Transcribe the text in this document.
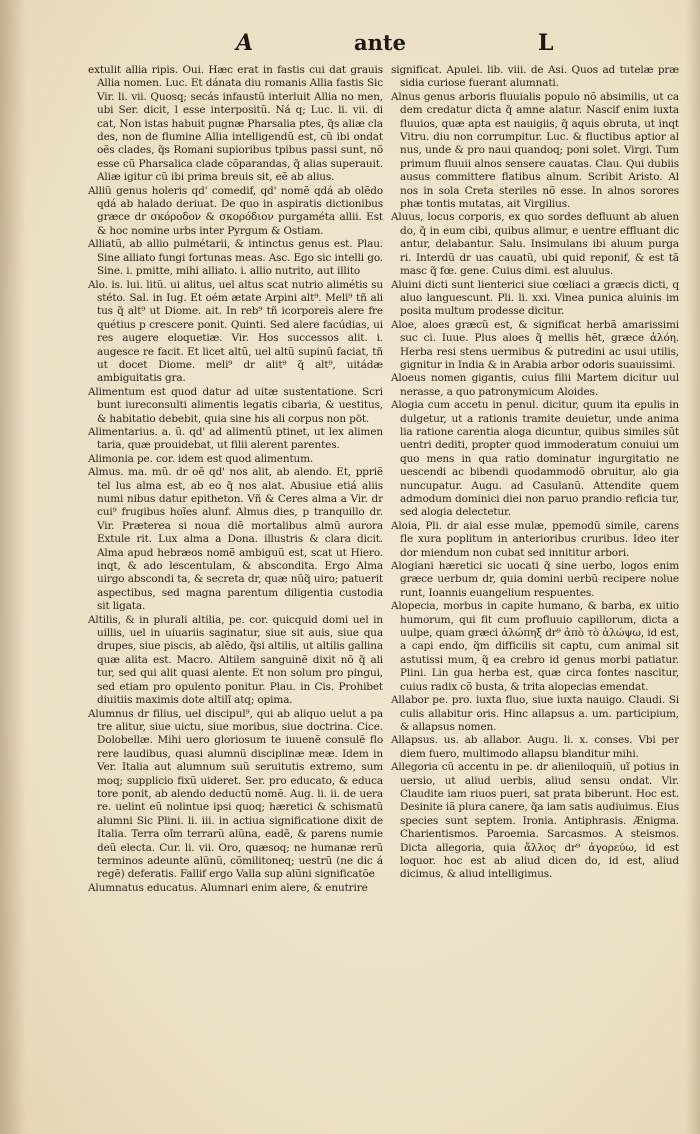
A	ante	L

extulit allia ripis. Oui. Hæc erat in fastis cui dat grauis Allia nomen. Luc. Et dánata diu romanis Allia fastis Sic Vir. li. vii. Quosq; secás infaustũ interluit Allia no men, ubi Ser. dicit, l esse interpositũ. Ná q; Luc. li. vii. di cat, Non istas habuit pugnæ Pharsalia ptes, q̃s aliæ cla des, non de flumine Allia intelligendũ est, cũ ibi ondat oẽs clades, q̃s Romani supioribus tpibus passi sunt, nõ esse cũ Pharsalica clade cõparandas, q̃ alias superauit. Aliæ igitur cũ ibi prima breuis sit, eẽ ab alius.

Alliũ genus holeris qd' comedif, qd' nomẽ qdá ab olẽdo qdá ab halado deriuat. De quo in aspiratis dictionibus græce dr σκόροδον & σκορόδιον purgaméta allii. Est & hoc nomine urbs inter Pyrgum & Ostiam.

Alliatũ, ab allio pulmétarii, & intinctus genus est. Plau. Sine alliato fungi fortunas meas. Asc. Ego sic intelli go. Sine. i. pmitte, mihi alliato. i. allio nutrito, aut illito

Alo. is. lui. litũ. ui alitus, uel altus scat nutrio alimétis su stéto. Sal. in Iug. Et oém ætate Arpini alt⁹. Meli⁹ tñ ali tus q̃ alt⁹ ut Diome. ait. In reb⁹ tñ icorporeis alere fre quétius p crescere ponit. Quinti. Sed alere facúdias, ui res augere eloquetiæ. Vir. Hos successos alit. i. augesce re facit. Et licet altũ, uel altũ supinũ faciat, tñ ut docet Diome. meli⁹ dr alit⁹ q̃ alt⁹, uitádæ ambiguitatis gra.

Alimentum est quod datur ad uitæ sustentatione. Scri bunt iureconsulti alimentis legatis cibaria, & uestitus, & habitatio debebit, quia sine his ali corpus non pöt.

Alimentarius. a. ũ. qd' ad alimentũ ptinet, ut lex alimen taria, quæ prouidebat, ut filii alerent parentes.

Alimonia pe. cor. idem est quod alimentum.

Almus. ma. mũ. dr oẽ qd' nos alit, ab alendo. Et, ppriẽ tel lus alma est, ab eo q̃ nos alat. Abusiue etiá aliis numi nibus datur epitheton. Vñ & Ceres alma a Vir. dr cui⁹ frugibus hoĩes alunf. Almus dies, p tranquillo dr. Vir. Præterea si noua diẽ mortalibus almũ aurora Extule rit. Lux alma a Dona. illustris & clara dicit. Alma apud hebræos nomẽ ambiguũ est, scat ut Hiero. inqt, & ado lescentulam, & abscondita. Ergo Alma uirgo abscondi ta, & secreta dr, quæ nũq̃ uiro; patuerit aspectibus, sed magna parentum diligentia custodia sit ligata.

Altilis, & in plurali altilia, pe. cor. quicquid domi uel in uillis, uel in uiuariis saginatur, siue sit auis, siue qua drupes, siue piscis, ab alẽdo, q̃si altilis, ut altilis gallina quæ alita est. Macro. Altilem sanguinẽ dixit nõ q̃ ali tur, sed qui alit quasi alente. Et non solum pro pingui, sed etiam pro opulento ponitur. Plau. in Cis. Prohibet diuitiis maximis dote altilĩ atq; opima.

Alumnus dr filius, uel discipul⁹, qui ab aliquo uelut a pa tre alitur, siue uictu, siue moribus, siue doctrina. Cice. Dolobellæ. Mihi uero gloriosum te iuuenẽ consulẽ flo rere laudibus, quasi alumnũ disciplinæ meæ. Idem in Ver. Italia aut alumnum suũ seruitutis extremo, sum moq; supplicio fixũ uideret. Ser. pro educato, & educa tore ponit, ab alendo deductũ nomẽ. Aug. li. ii. de uera re. uelint eũ nolintue ipsi quoq; hæretici & schismatũ alumni Sic Plini. li. iii. in actiua significatione dixit de Italia. Terra oĩm terrarũ alũna, eadẽ, & parens numie deũ electa. Cur. li. vii. Oro, quæsoq; ne humanæ rerũ terminos adeunte alũnũ, cõmilitoneq; uestrũ (ne dic á regẽ) deferatis. Fallif ergo Valla sup alũni significatõe

Alumnatus educatus. Alumnari enim alere, & enutrire

significat. Apulei. lib. viii. de Asi. Quos ad tutelæ præ sidia curiose fuerant alumnati.

Alnus genus arboris fluuialis populo nõ absimilis, ut ca dem credatur dicta q̃ amne alatur. Nascif enim iuxta fluuios, quæ apta est nauigiis, q̃ aquis obruta, ut inqt Vitru. diu non corrumpitur. Luc. & fluctibus aptior al nus, unde & pro naui quandoq; poni solet. Virgi. Tum primum fluuii alnos sensere cauatas. Clau. Qui dubiis ausus committere flatibus alnum. Scribit Aristo. Al nos in sola Creta steriles nõ esse. In alnos sorores phæ tontis mutatas, ait Virgilius.

Aluus, locus corporis, ex quo sordes defluunt ab aluen do, q̃ in eum cibi, quibus alimur, e uentre effluant dic antur, delabantur. Salu. Insimulans ibi aluum purga ri. Interdũ dr uas cauatũ, ubi quid reponif, & est tã masc q̃ fœ. gene. Cuius dimi. est aluulus.

Aluini dicti sunt lienterici siue cœliaci a græcis dicti, q aluo languescunt. Pli. li. xxi. Vinea punica aluinis im posita multum prodesse dicitur.

Aloe, aloes græcũ est, & significat herbã amarissimi suc ci. Iuue. Plus aloes q̃ mellis hẽt, græce ἀλόη. Herba resi stens uermibus & putredini ac usui utilis, gignitur in India & in Arabia arbor odoris suauissimi.

Aloeus nomen gigantis, cuius filii Martem dicitur uul nerasse, a quo patronymicum Aloides.

Alogia cum accetu in penul. dicitur, quum ita epulis in dulgetur, ut a rationis tramite deuietur, unde anima lia ratione carentia aloga dicuntur, quibus similes sũt uentri dediti, propter quod immoderatum conuiui um quo mens in qua ratio dominatur ingurgitatio ne uescendi ac bibendi quodammodõ obruitur, alo gia nuncupatur. Augu. ad Casulanũ. Attendite quem admodum dominici diei non paruo prandio reficia tur, sed alogia delectetur.

Aloia, Pli. dr aial esse mulæ, ppemodũ simile, carens fle xura poplitum in anterioribus cruribus. Ideo iter dor miendum non cubat sed innititur arbori.

Alogiani hæretici sic uocati q̃ sine uerbo, logos enim græce uerbum dr, quia domini uerbũ recipere nolue runt, Ioannis euangelium respuentes.

Alopecia, morbus in capite humano, & barba, ex uitio humorum, qui fit cum profluuio capillorum, dicta a uulpe, quam græci ἀλώπηξ dr⁹ ἀπὸ τὸ ἀλώψω, id est, a capi endo, q̃m difficilis sit captu, cum animal sit astutissi mum, q̃ ea crebro id genus morbi patiatur. Plini. Lin gua herba est, quæ circa fontes nascitur, cuius radix cõ busta, & trita alopecias emendat.

Allabor pe. pro. iuxta fluo, siue iuxta nauigo. Claudi. Si culis allabitur oris. Hinc allapsus a. um. participium, & allapsus nomen.

Allapsus. us. ab allabor. Augu. li. x. conses. Vbi per diem fuero, multimodo allapsu blanditur mihi.

Allegoria cũ accentu in pe. dr alieniloquiũ, uĩ potius in uersio, ut aliud uerbis, aliud sensu ondat. Vir. Claudite iam riuos pueri, sat prata biberunt. Hoc est. Desinite iã plura canere, q̃a iam satis audiuimus. Eius species sunt septem. Ironia. Antiphrasis. Ænigma. Charientismos. Paroemia. Sarcasmos. A steismos. Dicta allegoria, quia ἄλλος dr⁹ ἀγορεύω, id est loquor. hoc est ab aliud dicen do, id est, aliud dicimus, & aliud intelligimus.
